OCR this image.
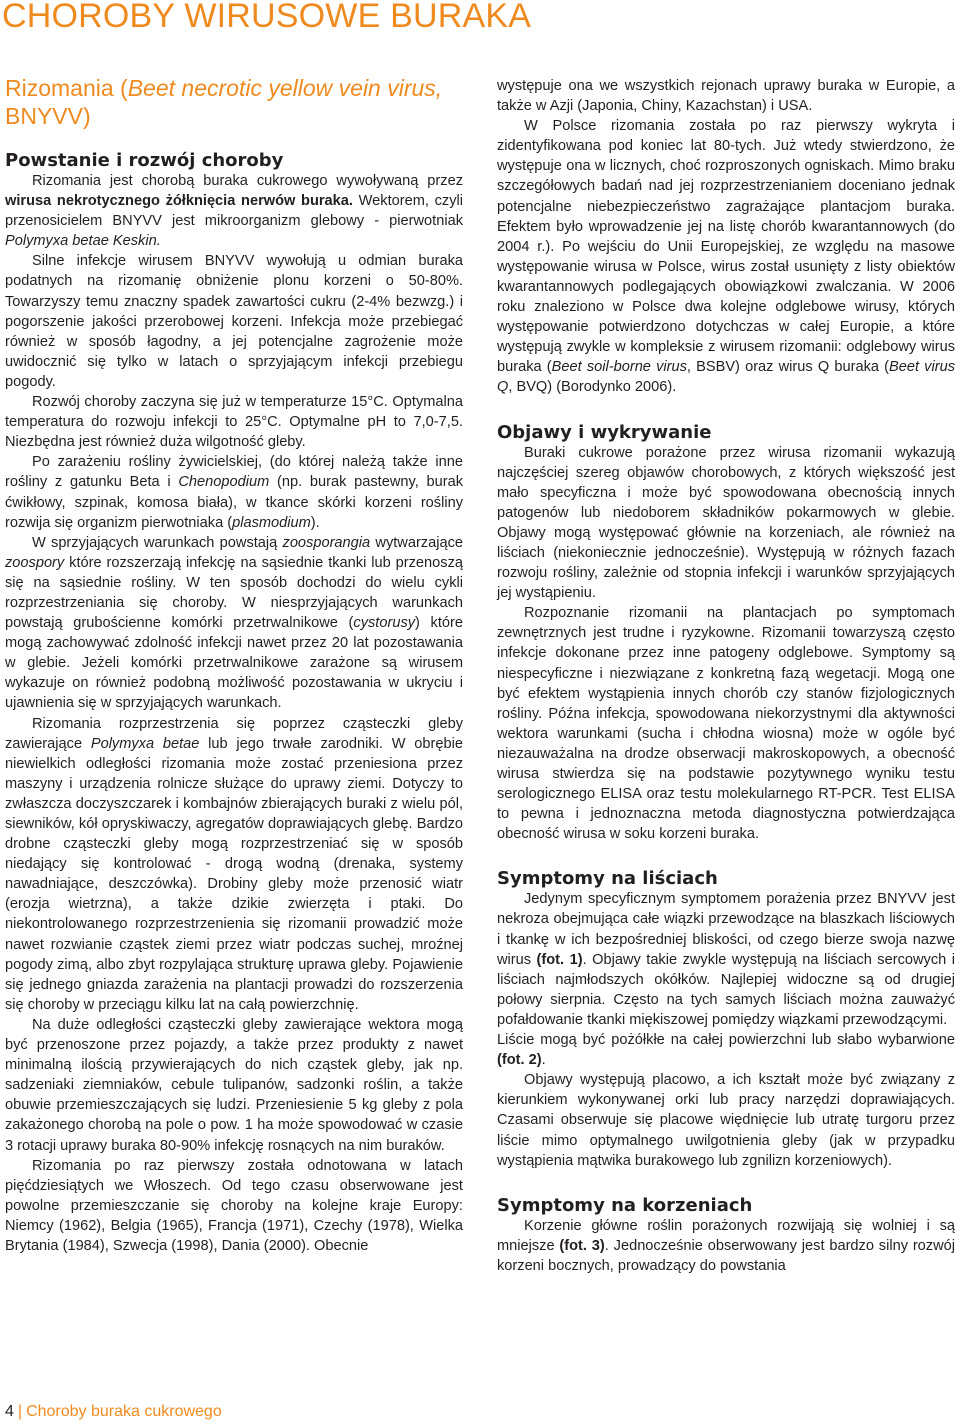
CHOROBY WIRUSOWE BURAKA
Rizomania (Beet necrotic yellow vein virus, BNYVV)
Powstanie i rozwój choroby

Rizomania jest chorobą buraka cukrowego wywoływaną przez wirusa nekrotycznego żółknięcia nerwów buraka. Wektorem, czyli przenosicielem BNYVV jest mikroorganizm glebowy - pierwotniak Polymyxa betae Keskin.

Silne infekcje wirusem BNYVV wywołują u odmian buraka podatnych na rizomanię obniżenie plonu korzeni o 50-80%. Towarzyszy temu znaczny spadek zawartości cukru (2-4% bezwzg.) i pogorszenie jakości przerobowej korzeni. Infekcja może przebiegać również w sposób łagodny, a jej potencjalne zagrożenie może uwidocznić się tylko w latach o sprzyjającym infekcji przebiegu pogody.

Rozwój choroby zaczyna się już w temperaturze 15°C. Optymalna temperatura do rozwoju infekcji to 25°C. Optymalne pH to 7,0-7,5. Niezbędna jest również duża wilgotność gleby.

Po zarażeniu rośliny żywicielskiej, (do której należą także inne rośliny z gatunku Beta i Chenopodium (np. burak pastewny, burak ćwikłowy, szpinak, komosa biała), w tkance skórki korzeni rośliny rozwija się organizm pierwotniaka (plasmodium).

W sprzyjających warunkach powstają zoosporangia wytwarzające zoospory które rozszerzają infekcję na sąsiednie tkanki lub przenoszą się na sąsiednie rośliny. W ten sposób dochodzi do wielu cykli rozprzestrzeniania się choroby. W niesprzyjających warunkach powstają grubościenne komórki przetrwalnikowe (cystorusy) które mogą zachowywać zdolność infekcji nawet przez 20 lat pozostawania w glebie. Jeżeli komórki przetrwalnikowe zarażone są wirusem wykazuje on również podobną możliwość pozostawania w ukryciu i ujawnienia się w sprzyjających warunkach.

Rizomania rozprzestrzenia się poprzez cząsteczki gleby zawierające Polymyxa betae lub jego trwałe zarodniki. W obrębie niewielkich odległości rizomania może zostać przeniesiona przez maszyny i urządzenia rolnicze służące do uprawy ziemi. Dotyczy to zwłaszcza doczyszczarek i kombajnów zbierających buraki z wielu pól, siewników, kół opryskiwaczy, agregatów doprawiających glebę. Bardzo drobne cząsteczki gleby mogą rozprzestrzeniać się w sposób niedający się kontrolować - drogą wodną (drenaka, systemy nawadniające, deszczówka). Drobiny gleby może przenosić wiatr (erozja wietrzna), a także dzikie zwierzęta i ptaki. Do niekontrolowanego rozprzestrzenienia się rizomanii prowadzić może nawet rozwianie cząstek ziemi przez wiatr podczas suchej, mroźnej pogody zimą, albo zbyt rozpylająca strukturę uprawa gleby. Pojawienie się jednego gniazda zarażenia na plantacji prowadzi do rozszerzenia się choroby w przeciągu kilku lat na całą powierzchnię.

Na duże odległości cząsteczki gleby zawierające wektora mogą być przenoszone przez pojazdy, a także przez produkty z nawet minimalną ilością przywierających do nich cząstek gleby, jak np. sadzeniaki ziemniaków, cebule tulipanów, sadzonki roślin, a także obuwie przemieszczających się ludzi. Przeniesienie 5 kg gleby z pola zakażonego chorobą na pole o pow. 1 ha może spowodować w czasie 3 rotacji uprawy buraka 80-90% infekcję rosnących na nim buraków.

Rizomania po raz pierwszy została odnotowana w latach pięćdziesiątych we Włoszech. Od tego czasu obserwowane jest powolne przemieszczanie się choroby na kolejne kraje Europy: Niemcy (1962), Belgia (1965), Francja (1971), Czechy (1978), Wielka Brytania (1984), Szwecja (1998), Dania (2000). Obecnie

występuje ona we wszystkich rejonach uprawy buraka w Europie, a także w Azji (Japonia, Chiny, Kazachstan) i USA.

W Polsce rizomania została po raz pierwszy wykryta i zidentyfikowana pod koniec lat 80-tych. Już wtedy stwierdzono, że występuje ona w licznych, choć rozproszonych ogniskach. Mimo braku szczegółowych badań nad jej rozprzestrzenianiem doceniano jednak potencjalne niebezpieczeństwo zagrażające plantacjom buraka. Efektem było wprowadzenie jej na listę chorób kwarantannowych (do 2004 r.). Po wejściu do Unii Europejskiej, ze względu na masowe występowanie wirusa w Polsce, wirus został usunięty z listy obiektów kwarantannowych podlegających obowiązkowi zwalczania. W 2006 roku znaleziono w Polsce dwa kolejne odglebowe wirusy, których występowanie potwierdzono dotychczas w całej Europie, a które występują zwykle w kompleksie z wirusem rizomanii: odglebowy wirus buraka (Beet soil-borne virus, BSBV) oraz wirus Q buraka (Beet virus Q, BVQ) (Borodynko 2006).

Objawy i wykrywanie

Buraki cukrowe porażone przez wirusa rizomanii wykazują najczęściej szereg objawów chorobowych, z których większość jest mało specyficzna i może być spowodowana obecnością innych patogenów lub niedoborem składników pokarmowych w glebie. Objawy mogą występować głównie na korzeniach, ale również na liściach (niekoniecznie jednocześnie). Występują w różnych fazach rozwoju rośliny, zależnie od stopnia infekcji i warunków sprzyjających jej wystąpieniu.

Rozpoznanie rizomanii na plantacjach po symptomach zewnętrznych jest trudne i ryzykowne. Rizomanii towarzyszą często infekcje dokonane przez inne patogeny odglebowe. Symptomy są niespecyficzne i niezwiązane z konkretną fazą wegetacji. Mogą one być efektem wystąpienia innych chorób czy stanów fizjologicznych rośliny. Późna infekcja, spowodowana niekorzystnymi dla aktywności wektora warunkami (sucha i chłodna wiosna) może w ogóle być niezauważalna na drodze obserwacji makroskopowych, a obecność wirusa stwierdza się na podstawie pozytywnego wyniku testu serologicznego ELISA oraz testu molekularnego RT-PCR. Test ELISA to pewna i jednoznaczna metoda diagnostyczna potwierdzająca obecność wirusa w soku korzeni buraka.

Symptomy na liściach

Jedynym specyficznym symptomem porażenia przez BNYVV jest nekroza obejmująca całe wiązki przewodzące na blaszkach liściowych i tkankę w ich bezpośredniej bliskości, od czego bierze swoja nazwę wirus (fot. 1). Objawy takie zwykle występują na liściach sercowych i liściach najmłodszych okółków. Najlepiej widoczne są od drugiej połowy sierpnia. Często na tych samych liściach można zauważyć pofałdowanie tkanki miękiszowej pomiędzy wiązkami przewodzącymi.

Liście mogą być pożółkłe na całej powierzchni lub słabo wybarwione (fot. 2).

Objawy występują placowo, a ich kształt może być związany z kierunkiem wykonywanej orki lub pracy narzędzi doprawiających. Czasami obserwuje się placowe więdnięcie lub utratę turgoru przez liście mimo optymalnego uwilgotnienia gleby (jak w przypadku wystąpienia mątwika burakowego lub zgnilizn korzeniowych).

Symptomy na korzeniach

Korzenie główne roślin porażonych rozwijają się wolniej i są mniejsze (fot. 3). Jednocześnie obserwowany jest bardzo silny rozwój korzeni bocznych, prowadzący do powstania

4 | Choroby buraka cukrowego
